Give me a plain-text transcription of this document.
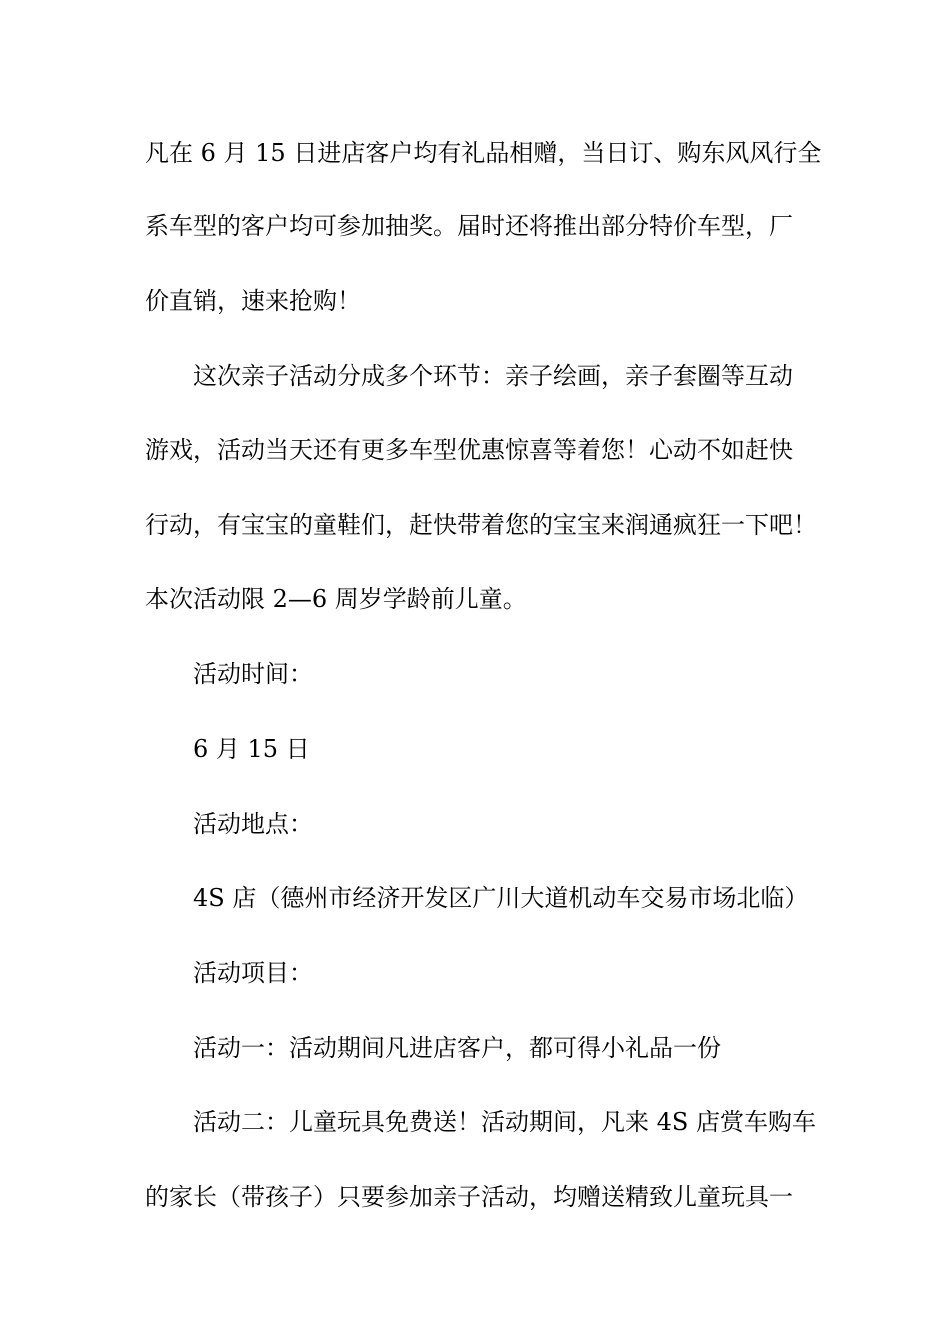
凡在 6 月 15 日进店客户均有礼品相赠，当日订、购东风风行全
系车型的客户均可参加抽奖。届时还将推出部分特价车型，厂
价直销，速来抢购！
这次亲子活动分成多个环节：亲子绘画，亲子套圈等互动
游戏，活动当天还有更多车型优惠惊喜等着您！心动不如赶快
行动，有宝宝的童鞋们，赶快带着您的宝宝来润通疯狂一下吧！
本次活动限 2—6 周岁学龄前儿童。
活动时间：
6 月 15 日
活动地点：
4S 店（德州市经济开发区广川大道机动车交易市场北临）
活动项目：
活动一：活动期间凡进店客户，都可得小礼品一份
活动二：儿童玩具免费送！活动期间，凡来 4S 店赏车购车
的家长（带孩子）只要参加亲子活动，均赠送精致儿童玩具一
